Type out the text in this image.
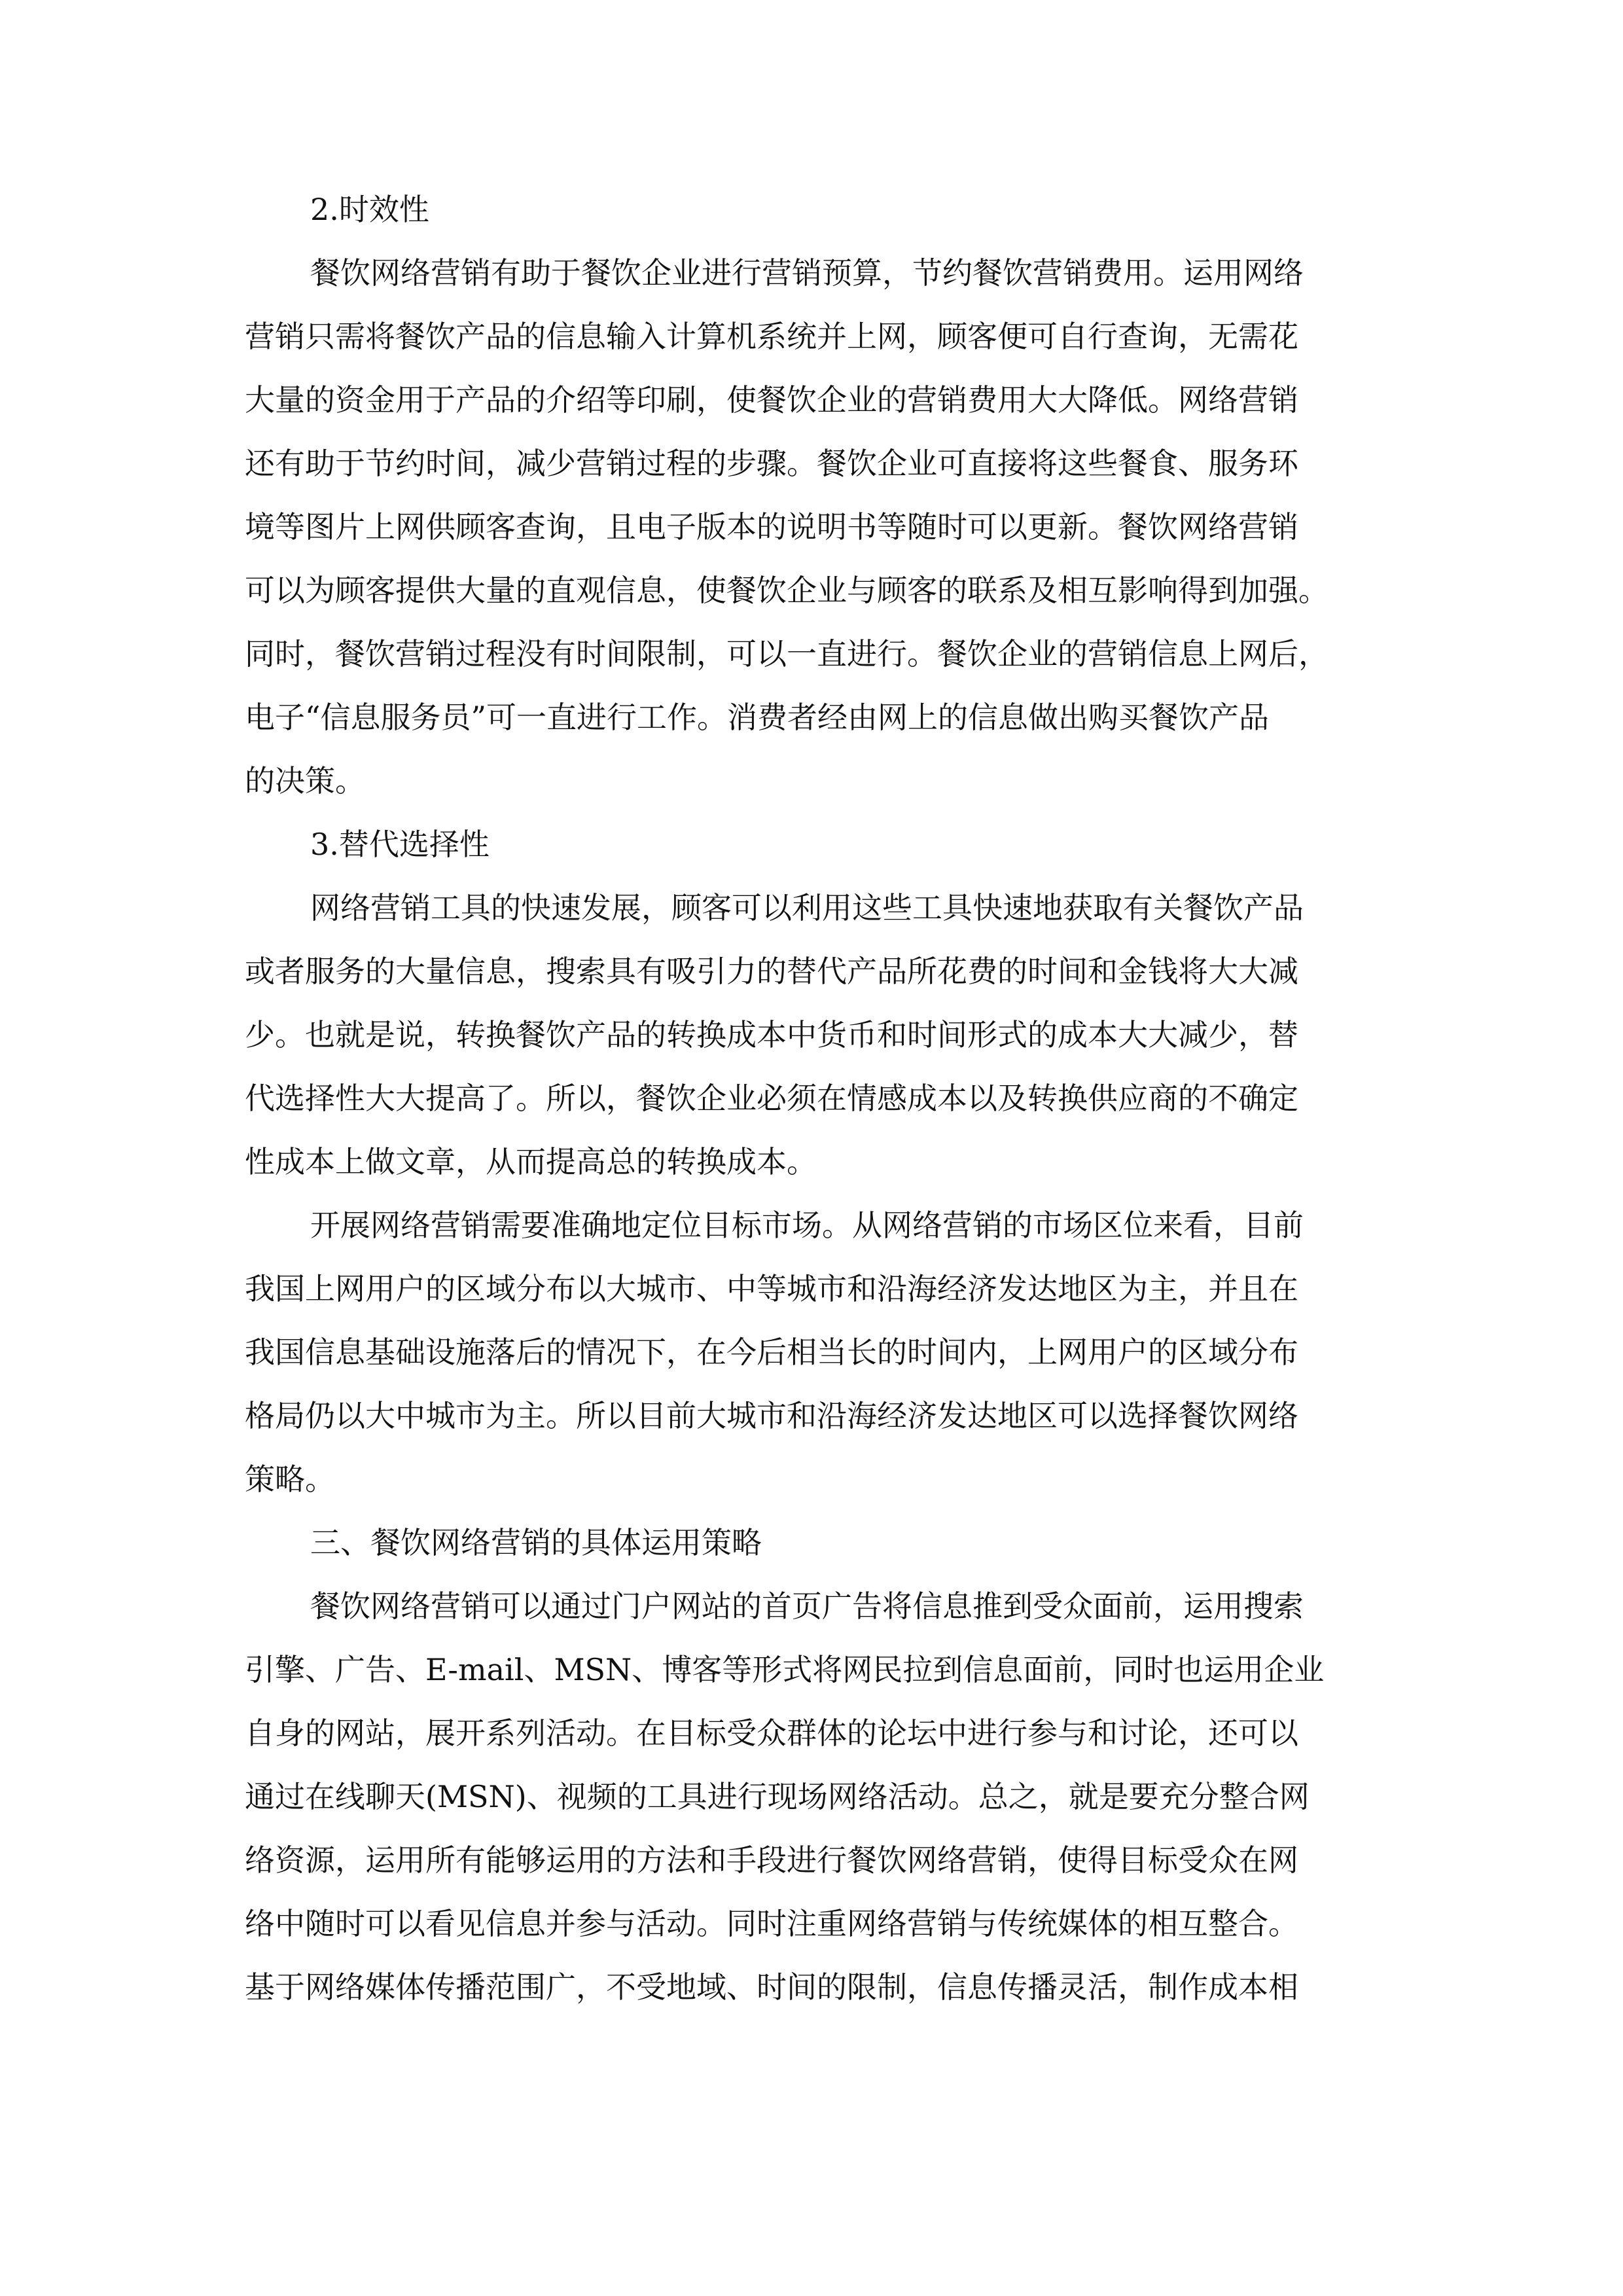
2.时效性
餐饮网络营销有助于餐饮企业进行营销预算，节约餐饮营销费用。运用网络
营销只需将餐饮产品的信息输入计算机系统并上网，顾客便可自行查询，无需花
大量的资金用于产品的介绍等印刷，使餐饮企业的营销费用大大降低。网络营销
还有助于节约时间，减少营销过程的步骤。餐饮企业可直接将这些餐食、服务环
境等图片上网供顾客查询，且电子版本的说明书等随时可以更新。餐饮网络营销
可以为顾客提供大量的直观信息，使餐饮企业与顾客的联系及相互影响得到加强。
同时，餐饮营销过程没有时间限制，可以一直进行。餐饮企业的营销信息上网后，
电子“信息服务员”可一直进行工作。消费者经由网上的信息做出购买餐饮产品
的决策。
3.替代选择性
网络营销工具的快速发展，顾客可以利用这些工具快速地获取有关餐饮产品
或者服务的大量信息，搜索具有吸引力的替代产品所花费的时间和金钱将大大减
少。也就是说，转换餐饮产品的转换成本中货币和时间形式的成本大大减少，替
代选择性大大提高了。所以，餐饮企业必须在情感成本以及转换供应商的不确定
性成本上做文章，从而提高总的转换成本。
开展网络营销需要准确地定位目标市场。从网络营销的市场区位来看，目前
我国上网用户的区域分布以大城市、中等城市和沿海经济发达地区为主，并且在
我国信息基础设施落后的情况下，在今后相当长的时间内，上网用户的区域分布
格局仍以大中城市为主。所以目前大城市和沿海经济发达地区可以选择餐饮网络
策略。
三、餐饮网络营销的具体运用策略
餐饮网络营销可以通过门户网站的首页广告将信息推到受众面前，运用搜索
引擎、广告、E-mail、MSN、博客等形式将网民拉到信息面前，同时也运用企业
自身的网站，展开系列活动。在目标受众群体的论坛中进行参与和讨论，还可以
通过在线聊天(MSN)、视频的工具进行现场网络活动。总之，就是要充分整合网
络资源，运用所有能够运用的方法和手段进行餐饮网络营销，使得目标受众在网
络中随时可以看见信息并参与活动。同时注重网络营销与传统媒体的相互整合。
基于网络媒体传播范围广，不受地域、时间的限制，信息传播灵活，制作成本相
